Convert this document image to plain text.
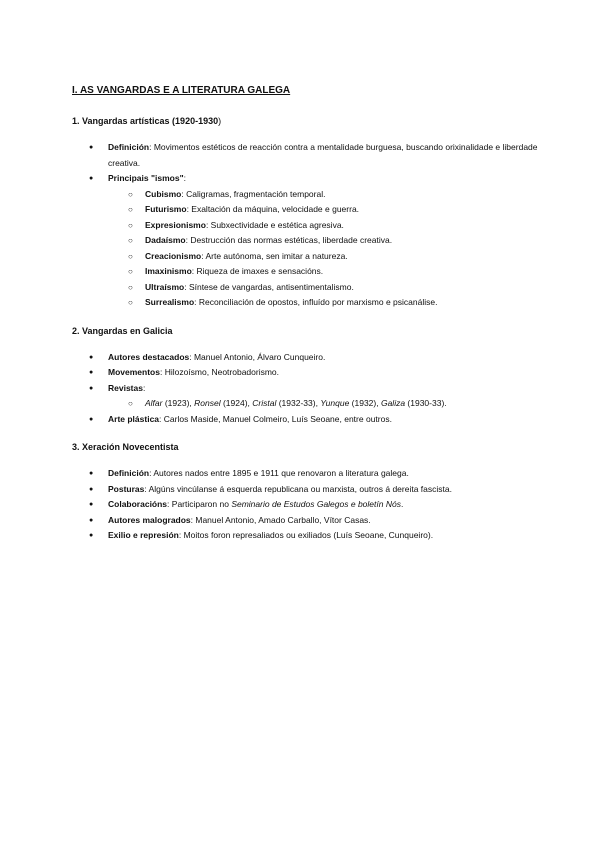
I. AS VANGARDAS E A LITERATURA GALEGA
1. Vangardas artísticas (1920-1930)
● Definición: Movimentos estéticos de reacción contra a mentalidade burguesa, buscando orixinalidade e liberdade creativa.
● Principais "ismos":
○ Cubismo: Caligramas, fragmentación temporal.
○ Futurismo: Exaltación da máquina, velocidade e guerra.
○ Expresionismo: Subxectividade e estética agresiva.
○ Dadaísmo: Destrucción das normas estéticas, liberdade creativa.
○ Creacionismo: Arte autónoma, sen imitar a natureza.
○ Imaxinismo: Riqueza de imaxes e sensacións.
○ Ultraísmo: Síntese de vangardas, antisentimentalismo.
○ Surrealismo: Reconciliación de opostos, influído por marxismo e psicanálise.
2. Vangardas en Galicia
● Autores destacados: Manuel Antonio, Álvaro Cunqueiro.
● Movementos: Hilozoísmo, Neotrobadorismo.
● Revistas:
○ Alfar (1923), Ronsel (1924), Cristal (1932-33), Yunque (1932), Galiza (1930-33).
● Arte plástica: Carlos Maside, Manuel Colmeiro, Luís Seoane, entre outros.
3. Xeración Novecentista
● Definición: Autores nados entre 1895 e 1911 que renovaron a literatura galega.
● Posturas: Algúns vincúlanse á esquerda republicana ou marxista, outros á dereita fascista.
● Colaboracións: Participaron no Seminario de Estudos Galegos e boletín Nós.
● Autores malogrados: Manuel Antonio, Amado Carballo, Vítor Casas.
● Exilio e represión: Moitos foron represaliados ou exiliados (Luís Seoane, Cunqueiro).
